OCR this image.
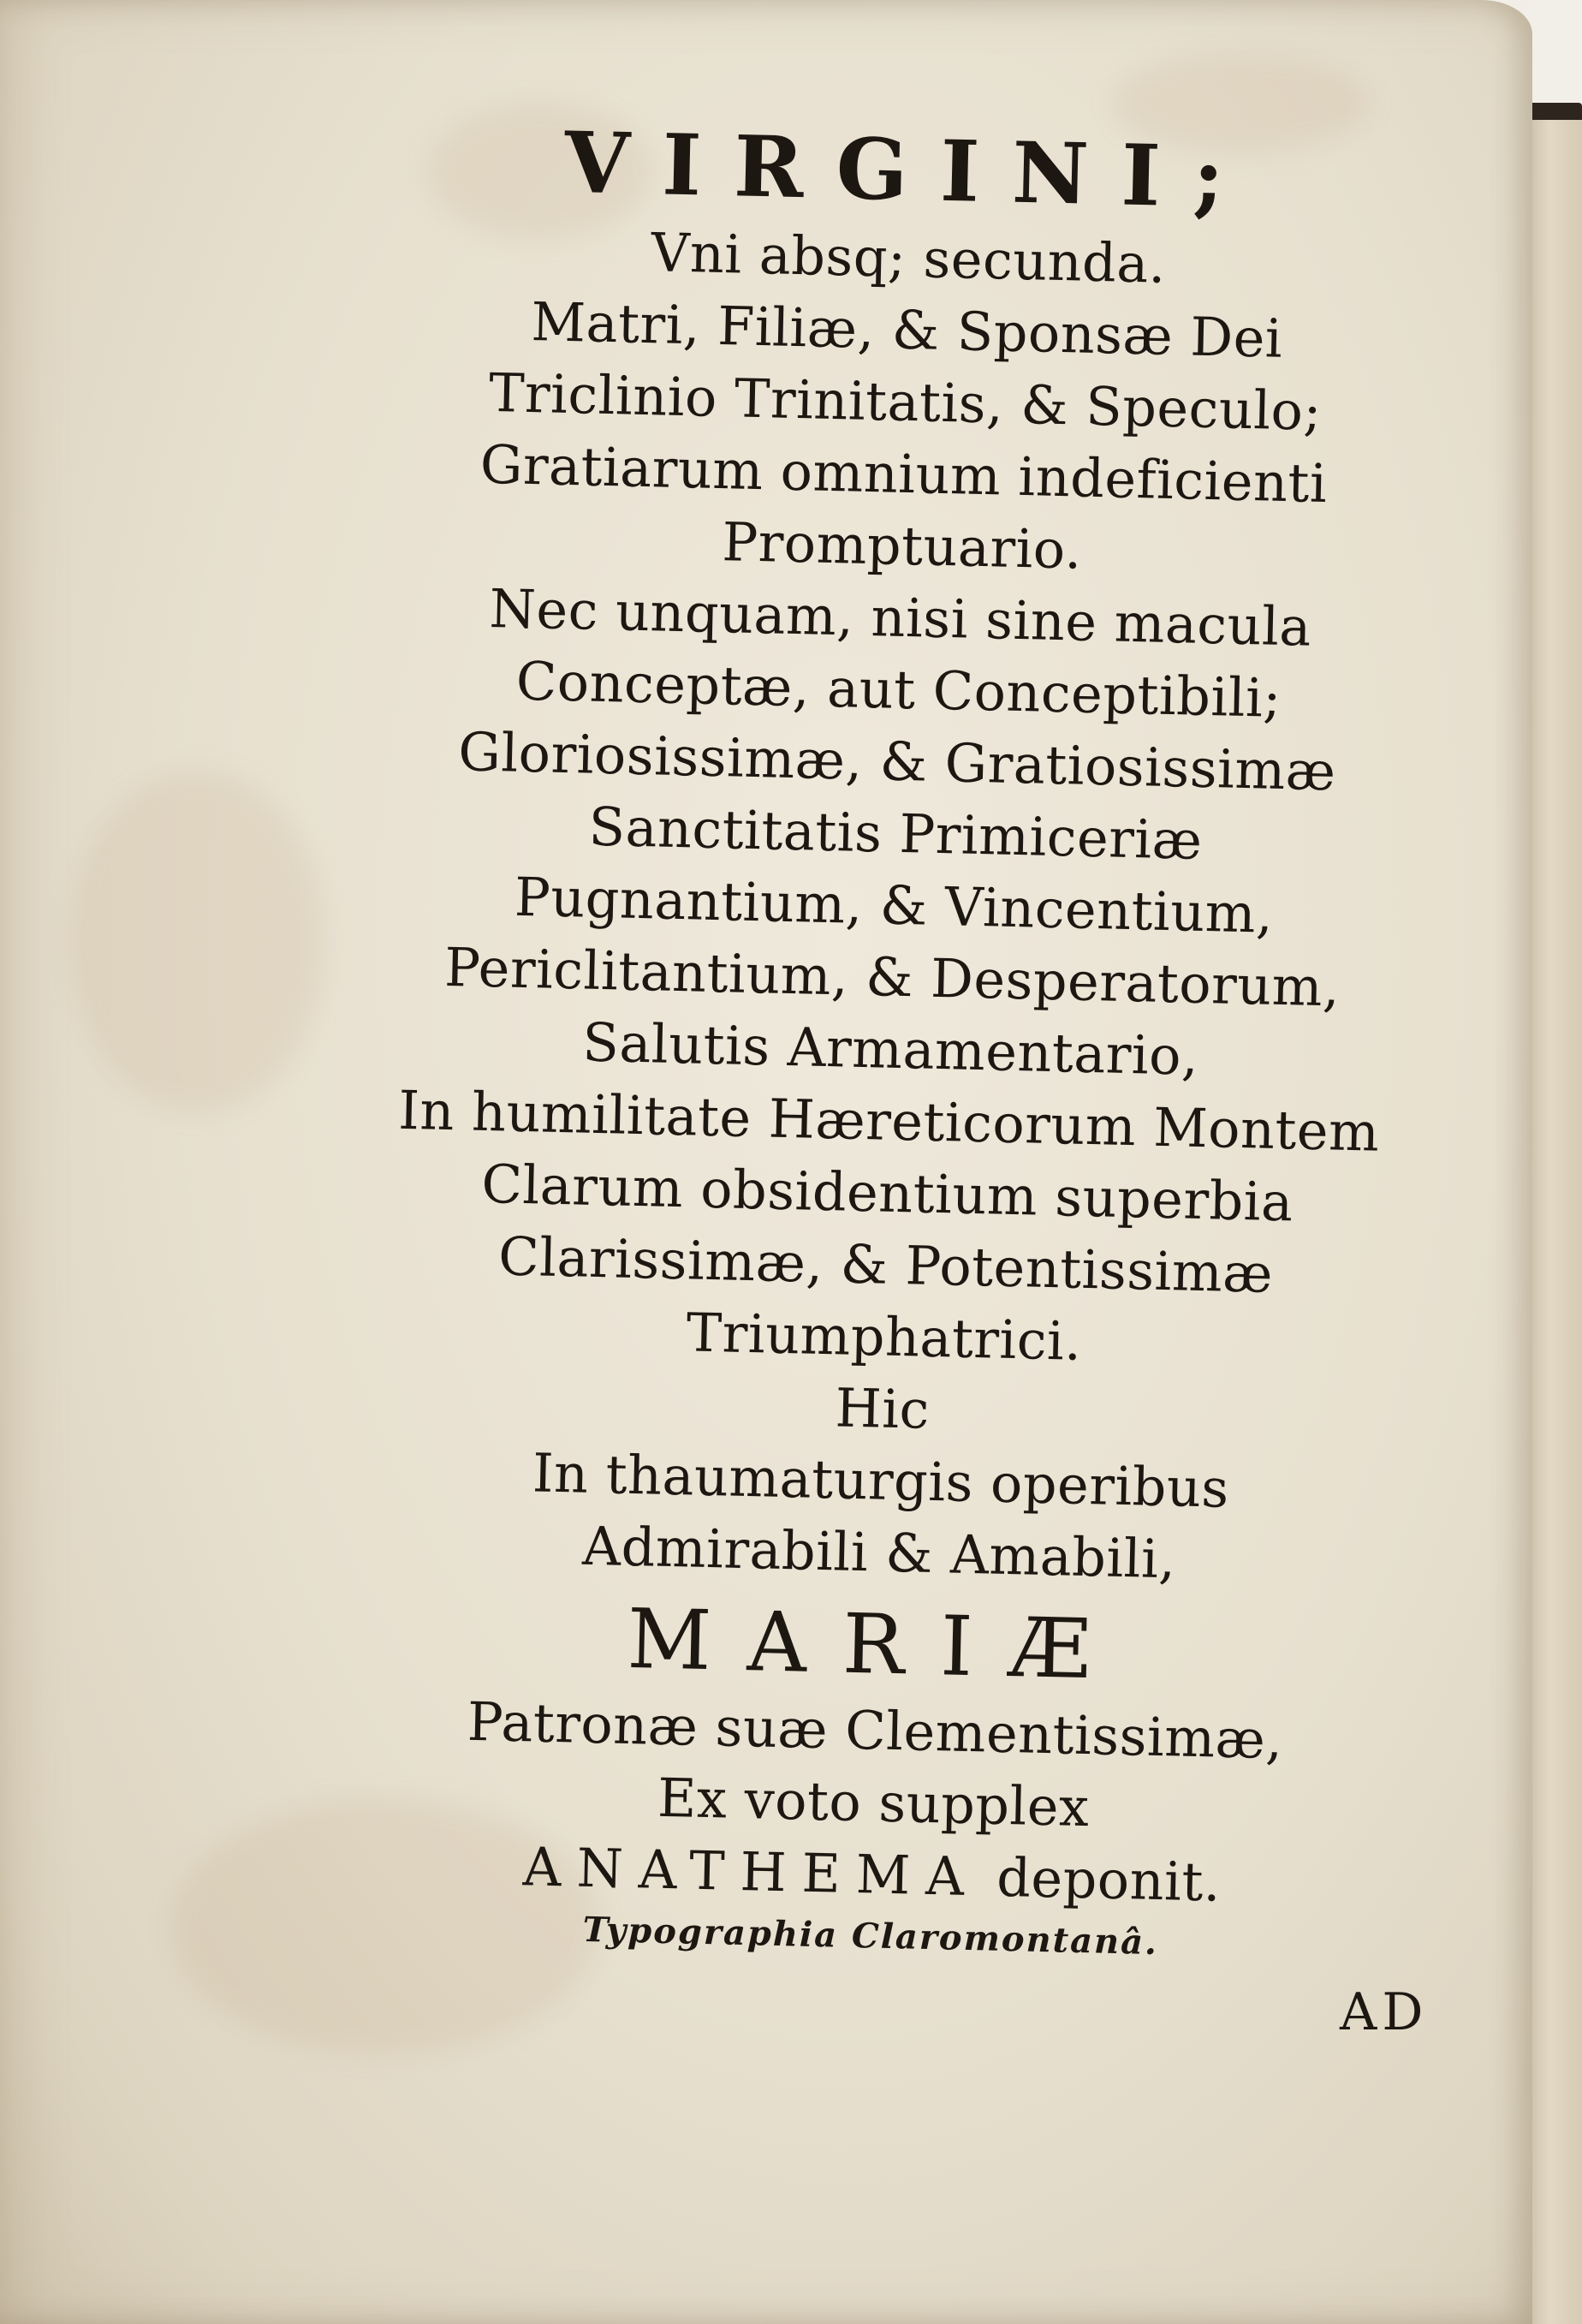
VIRGINI;
Vni absq; secunda.
Matri, Filiæ, & Sponsæ Dei
Triclinio Trinitatis, & Speculo;
Gratiarum omnium indeficienti
Promptuario.
Nec unquam, nisi sine macula
Conceptæ, aut Conceptibili;
Gloriosissimæ, & Gratiosissimæ
Sanctitatis Primiceriæ
Pugnantium, & Vincentium,
Periclitantium, & Desperatorum,
Salutis Armamentario,
In humilitate Hæreticorum Montem
Clarum obsidentium superbia
Clarissimæ, & Potentissimæ
Triumphatrici.
Hic
In thaumaturgis operibus
Admirabili & Amabili,
MARIÆ
Patronæ suæ Clementissimæ,
Ex voto supplex
ANATHEMA deponit.
Typographia Claromontanâ.
AD
